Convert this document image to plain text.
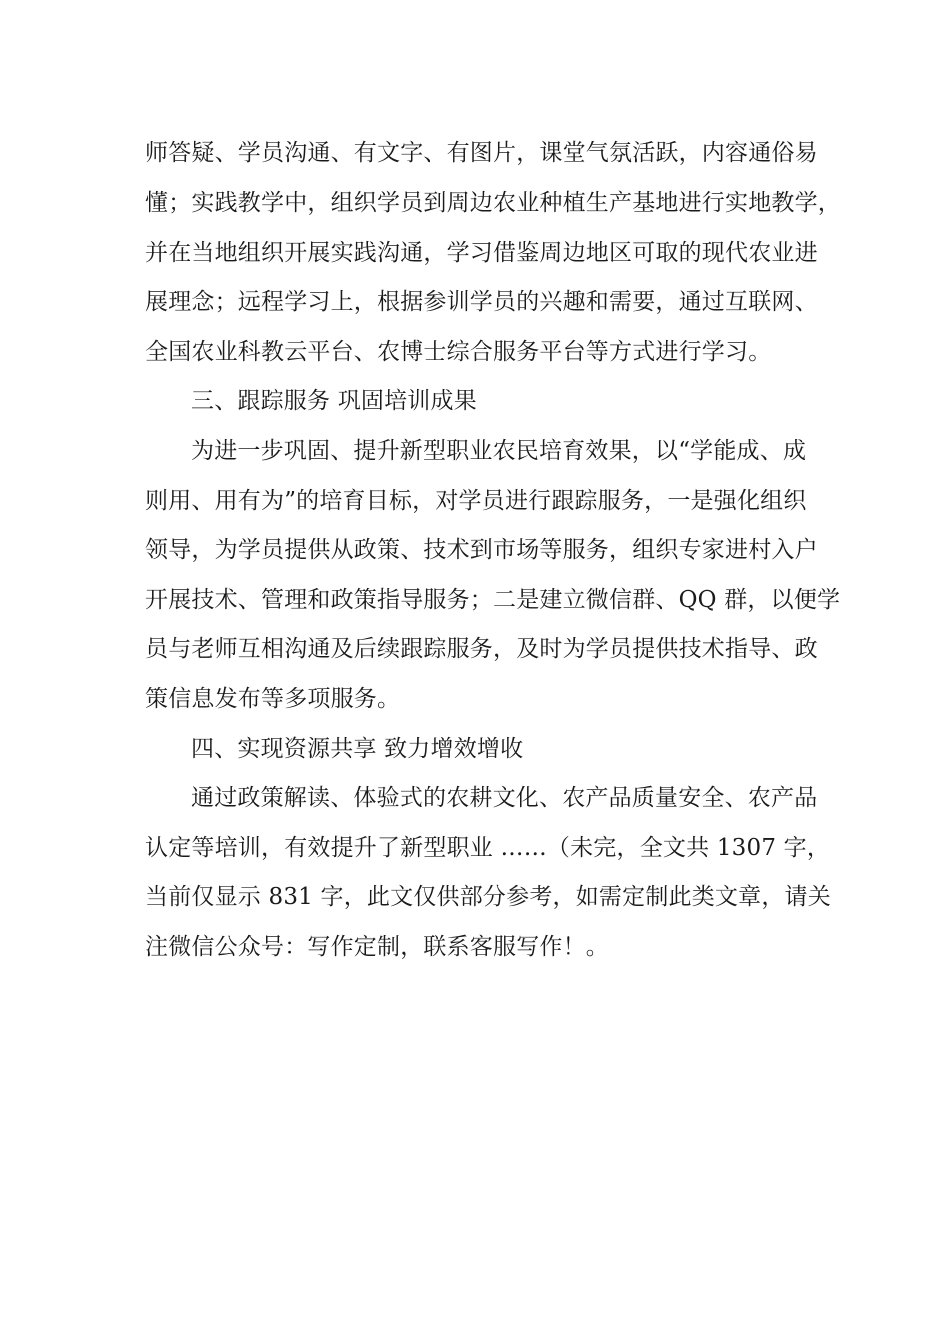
师答疑、学员沟通、有文字、有图片，课堂气氛活跃，内容通俗易

懂；实践教学中，组织学员到周边农业种植生产基地进行实地教学，

并在当地组织开展实践沟通，学习借鉴周边地区可取的现代农业进

展理念；远程学习上，根据参训学员的兴趣和需要，通过互联网、

全国农业科教云平台、农博士综合服务平台等方式进行学习。

三、跟踪服务 巩固培训成果

为进一步巩固、提升新型职业农民培育效果，以“学能成、成

则用、用有为”的培育目标，对学员进行跟踪服务，一是强化组织

领导，为学员提供从政策、技术到市场等服务，组织专家进村入户

开展技术、管理和政策指导服务；二是建立微信群、QQ 群，以便学

员与老师互相沟通及后续跟踪服务，及时为学员提供技术指导、政

策信息发布等多项服务。

四、实现资源共享 致力增效增收

通过政策解读、体验式的农耕文化、农产品质量安全、农产品

认定等培训，有效提升了新型职业 ……（未完，全文共 1307 字，

当前仅显示 831 字，此文仅供部分参考，如需定制此类文章，请关

注微信公众号：写作定制，联系客服写作！。
